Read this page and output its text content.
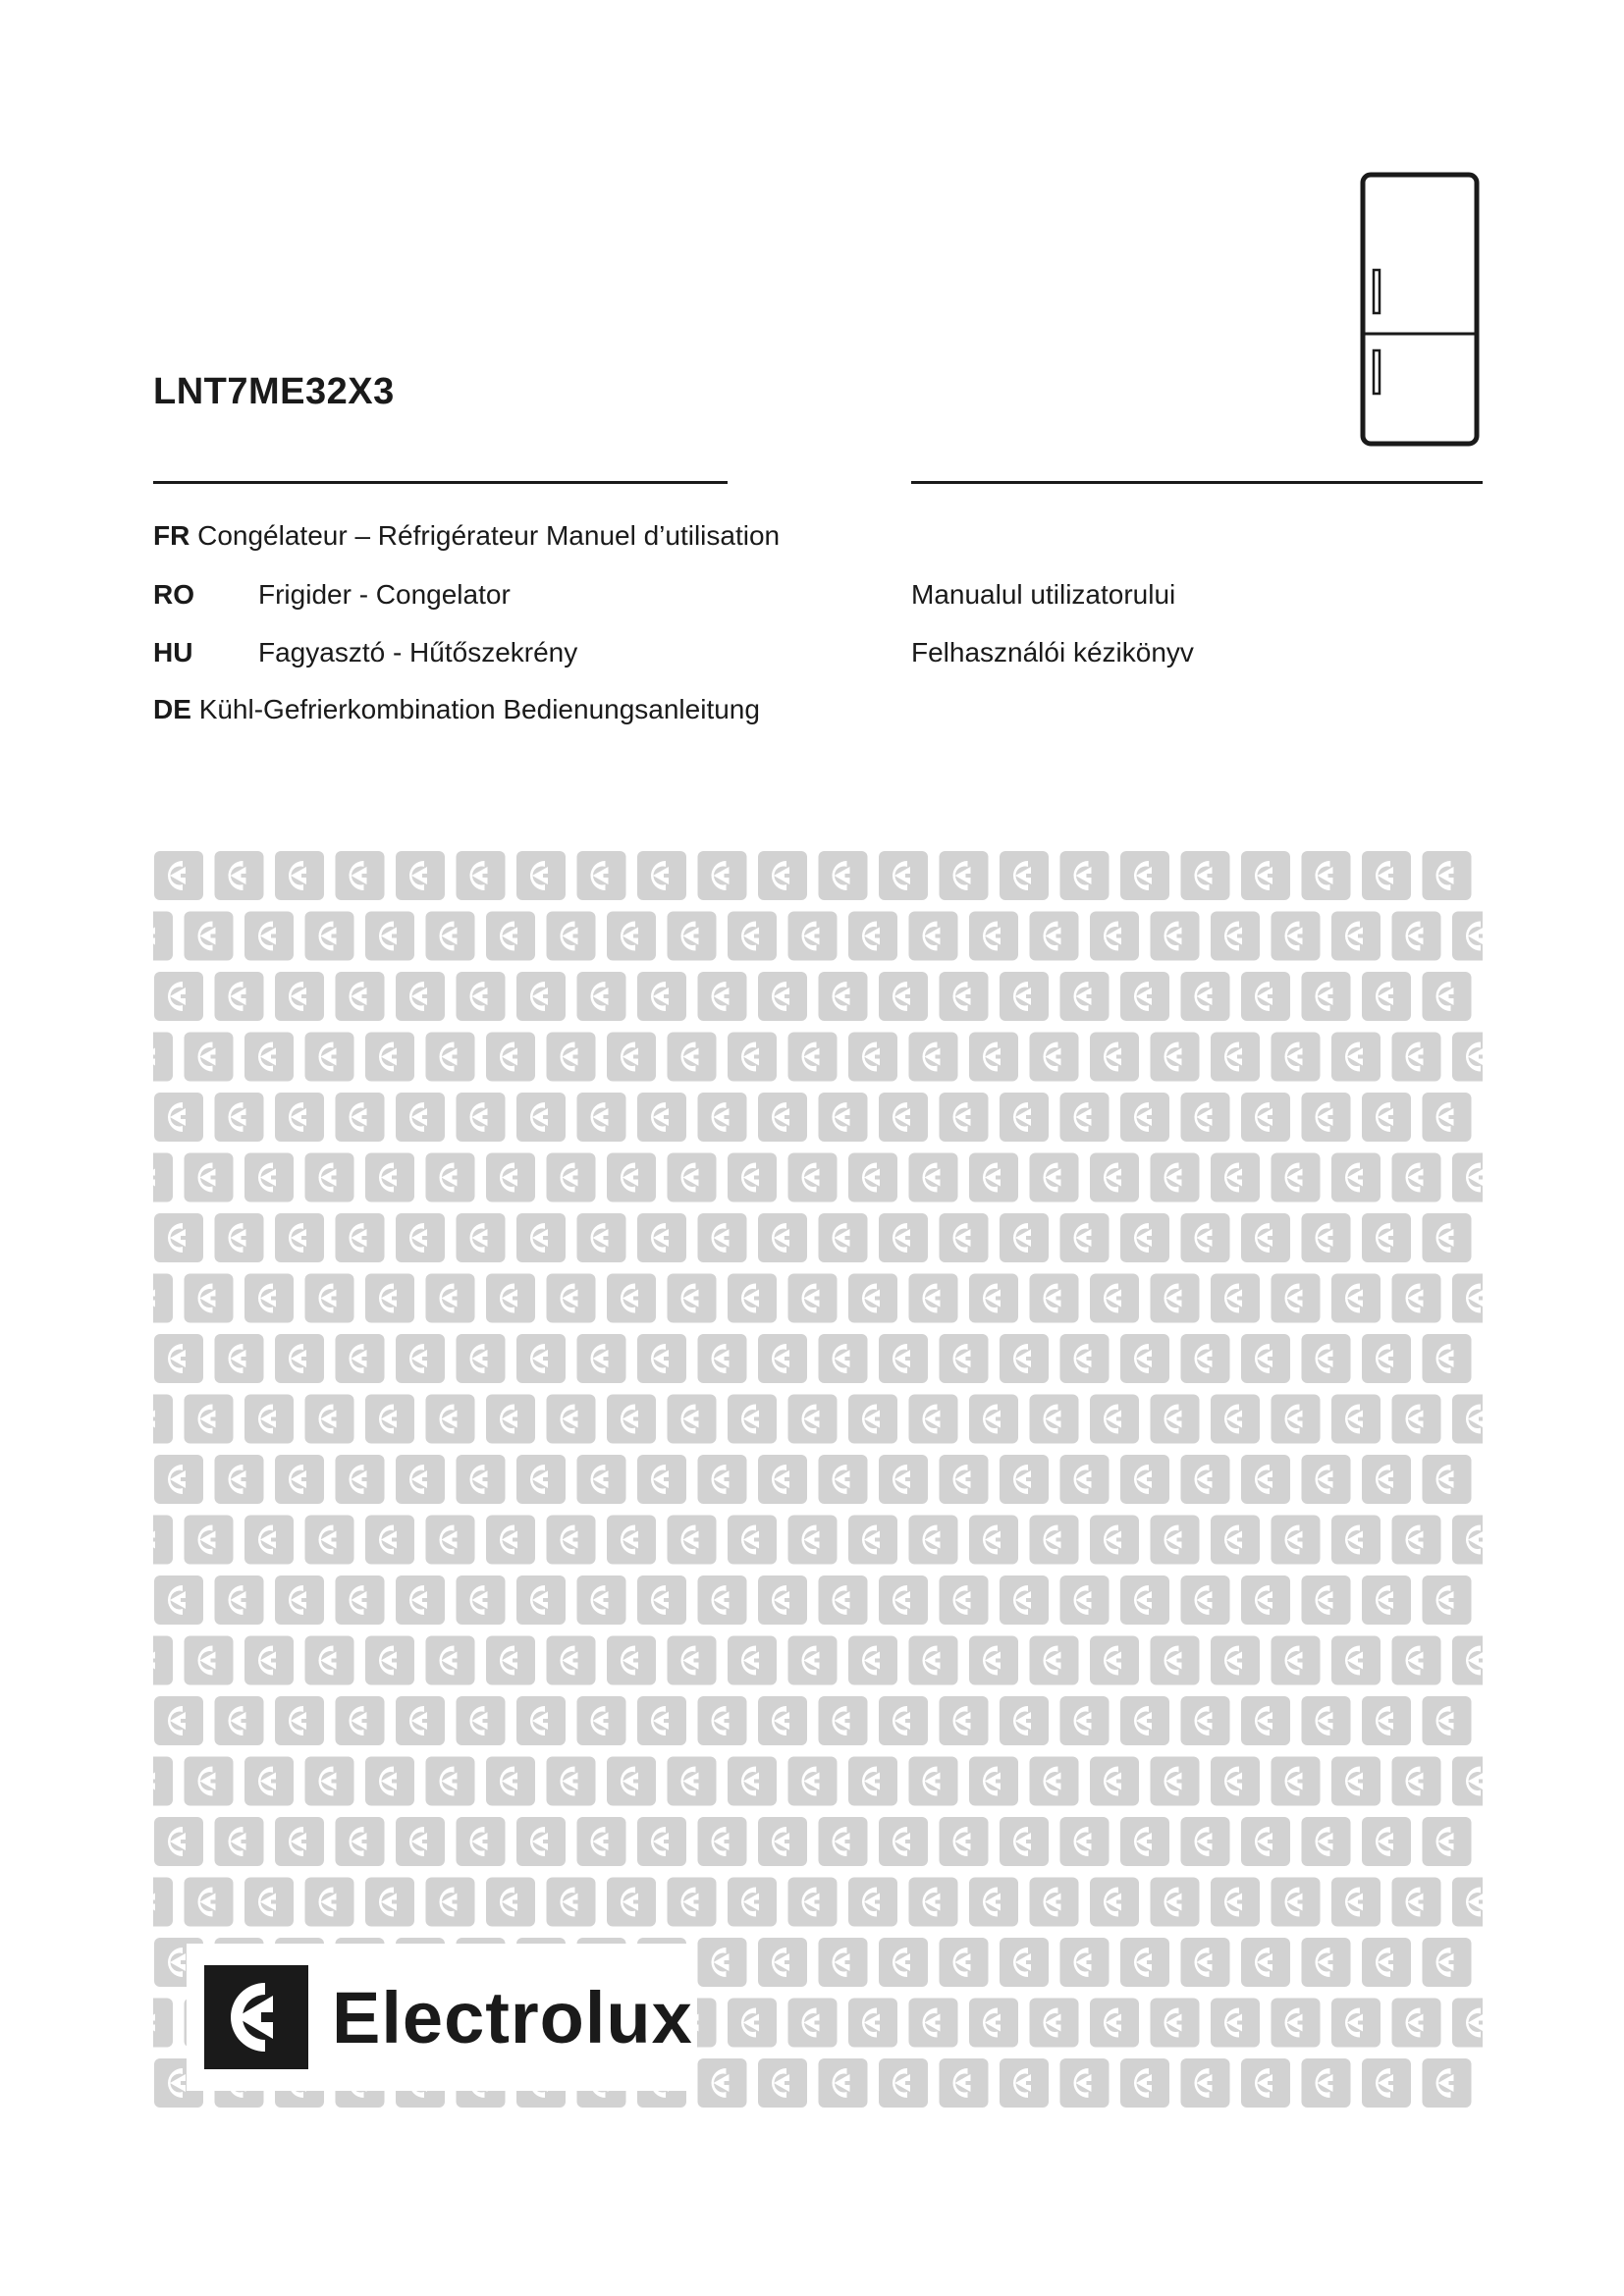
LNT7ME32X3

FR Congélateur – Réfrigérateur Manuel d’utilisation

RO Frigider - Congelator	Manualul utilizatorului

HU Fagyasztó - Hűtőszekrény	Felhasználói kézikönyv

DE Kühl-Gefrierkombination Bedienungsanleitung

Electrolux
